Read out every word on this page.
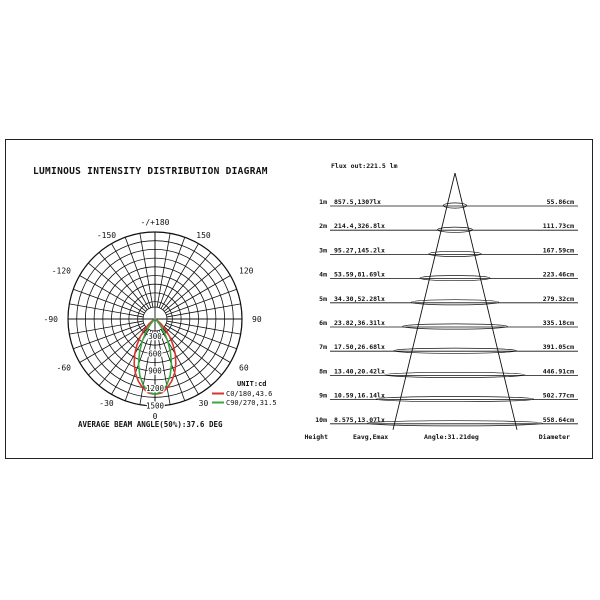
LUMINOUS INTENSITY DISTRIBUTION DIAGRAM
AVERAGE BEAM ANGLE(50%):37.6 DEG
Flux out:221.5 lm
300
600
900
1200
1500
-/+180
150
-150
120
-120
90
-90
60
-60
30
-30
0
UNIT:cd
C0/180,43.6
C90/270,31.5
1m 857.5,1307lx	55.86cm
2m 214.4,326.8lx	111.73cm
3m 95.27,145.2lx	167.59cm
4m 53.59,81.69lx	223.46cm
5m 34.30,52.28lx	279.32cm
6m 23.82,36.31lx	335.18cm
7m 17.50,26.68lx	391.05cm
8m 13.40,20.42lx	446.91cm
9m 10.59,16.14lx	502.77cm
10m 8.575,13.07lx	558.64cm
Height	Eavg,Emax	Angle:31.21deg	Diameter
